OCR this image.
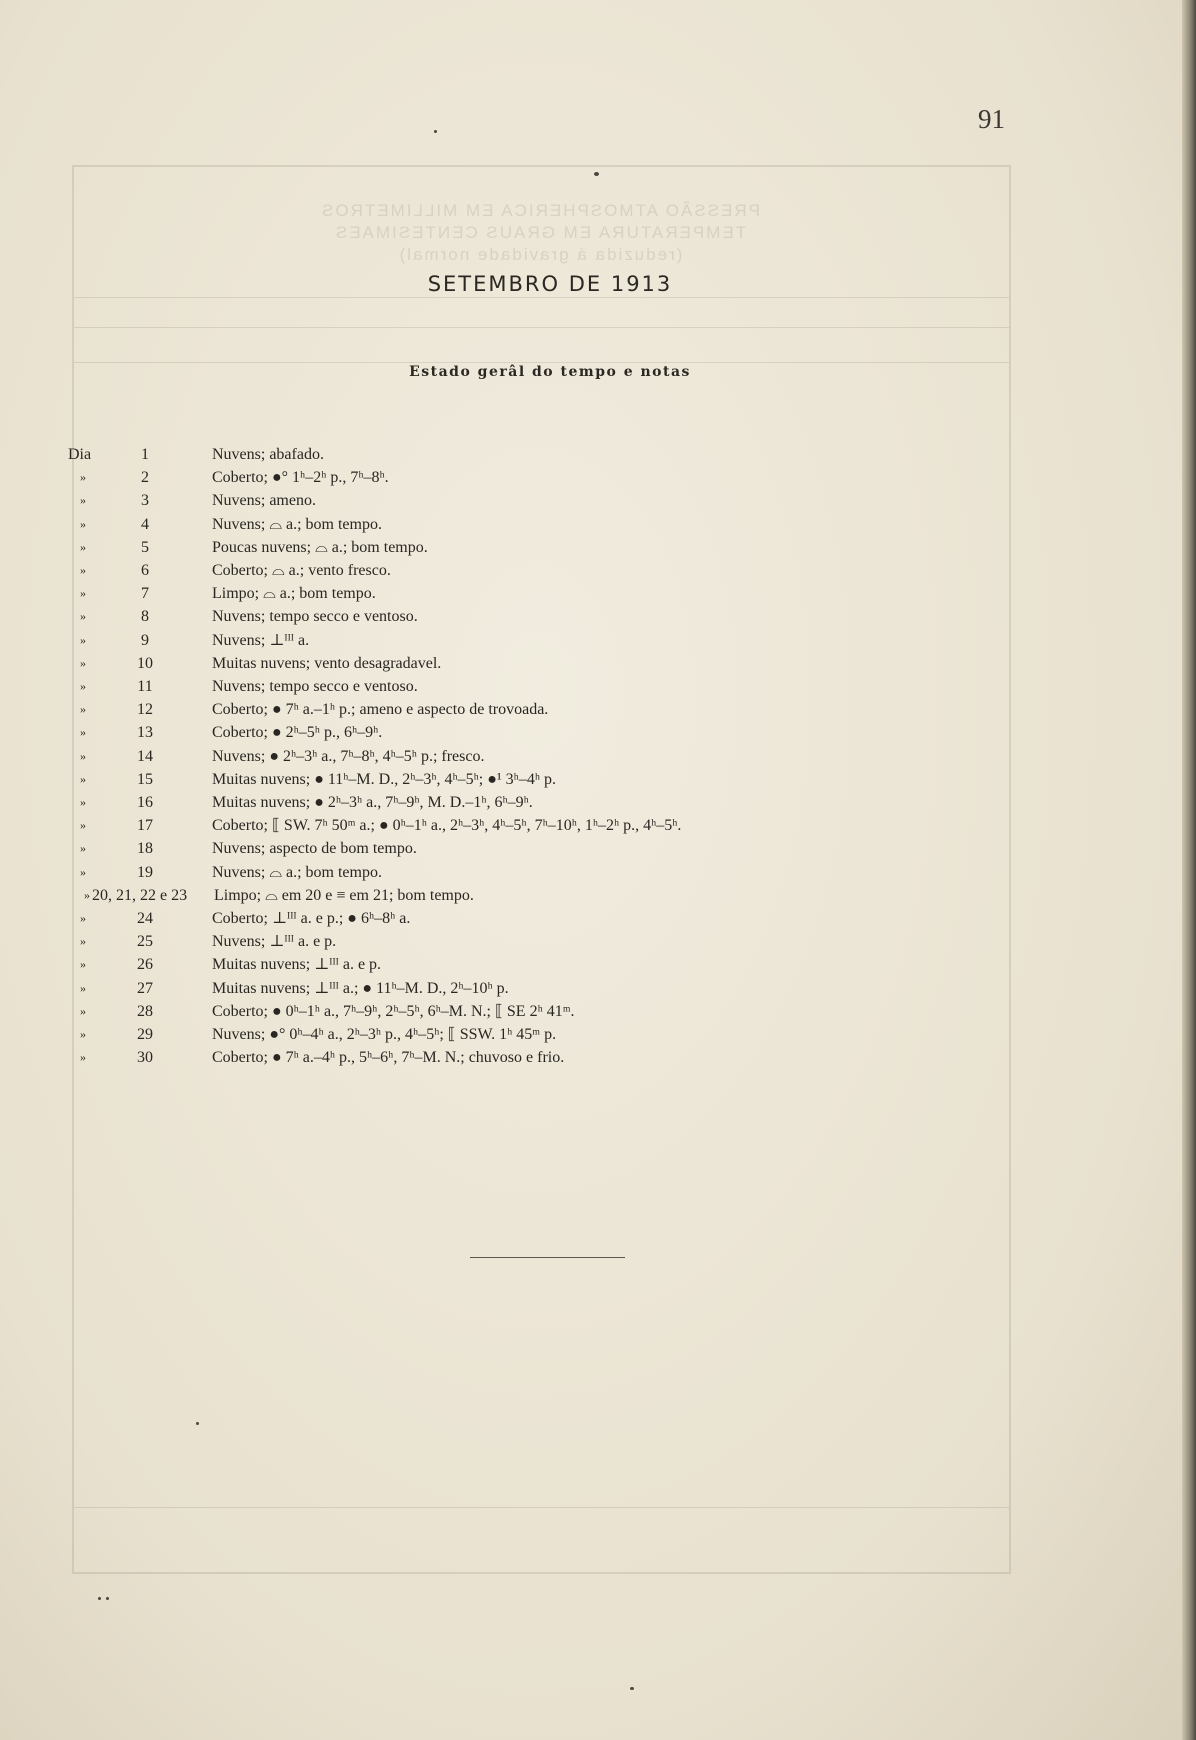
PRESSÃO ATMOSPHERICA EM MILLIMETROS
TEMPERATURA EM GRAUS CENTESIMAES
(reduzida á gravidade normal)
91
SETEMBRO DE 1913
Estado gerâl do tempo e notas
Dia	1	Nuvens; abafado.
»	2	Coberto; ●° 1ʰ–2ʰ p., 7ʰ–8ʰ.
»	3	Nuvens; ameno.
»	4	Nuvens; ⌓ a.; bom tempo.
»	5	Poucas nuvens; ⌓ a.; bom tempo.
»	6	Coberto; ⌓ a.; vento fresco.
»	7	Limpo; ⌓ a.; bom tempo.
»	8	Nuvens; tempo secco e ventoso.
»	9	Nuvens; ⊥ᴵᴵᴵ a.
»	10	Muitas nuvens; vento desagradavel.
»	11	Nuvens; tempo secco e ventoso.
»	12	Coberto; ● 7ʰ a.–1ʰ p.; ameno e aspecto de trovoada.
»	13	Coberto; ● 2ʰ–5ʰ p., 6ʰ–9ʰ.
»	14	Nuvens; ● 2ʰ–3ʰ a., 7ʰ–8ʰ, 4ʰ–5ʰ p.; fresco.
»	15	Muitas nuvens; ● 11ʰ–M. D., 2ʰ–3ʰ, 4ʰ–5ʰ; ●¹ 3ʰ–4ʰ p.
»	16	Muitas nuvens; ● 2ʰ–3ʰ a., 7ʰ–9ʰ, M. D.–1ʰ, 6ʰ–9ʰ.
»	17	Coberto; ⟦ SW. 7ʰ 50ᵐ a.; ● 0ʰ–1ʰ a., 2ʰ–3ʰ, 4ʰ–5ʰ, 7ʰ–10ʰ, 1ʰ–2ʰ p., 4ʰ–5ʰ.
»	18	Nuvens; aspecto de bom tempo.
»	19	Nuvens; ⌓ a.; bom tempo.
» 20, 21, 22 e 23 Limpo; ⌓ em 20 e ≡ em 21; bom tempo.
»	24	Coberto; ⊥ᴵᴵᴵ a. e p.; ● 6ʰ–8ʰ a.
»	25	Nuvens; ⊥ᴵᴵᴵ a. e p.
»	26	Muitas nuvens; ⊥ᴵᴵᴵ a. e p.
»	27	Muitas nuvens; ⊥ᴵᴵᴵ a.; ● 11ʰ–M. D., 2ʰ–10ʰ p.
»	28	Coberto; ● 0ʰ–1ʰ a., 7ʰ–9ʰ, 2ʰ–5ʰ, 6ʰ–M. N.; ⟦ SE 2ʰ 41ᵐ.
»	29	Nuvens; ●° 0ʰ–4ʰ a., 2ʰ–3ʰ p., 4ʰ–5ʰ; ⟦ SSW. 1ʰ 45ᵐ p.
»	30	Coberto; ● 7ʰ a.–4ʰ p., 5ʰ–6ʰ, 7ʰ–M. N.; chuvoso e frio.
